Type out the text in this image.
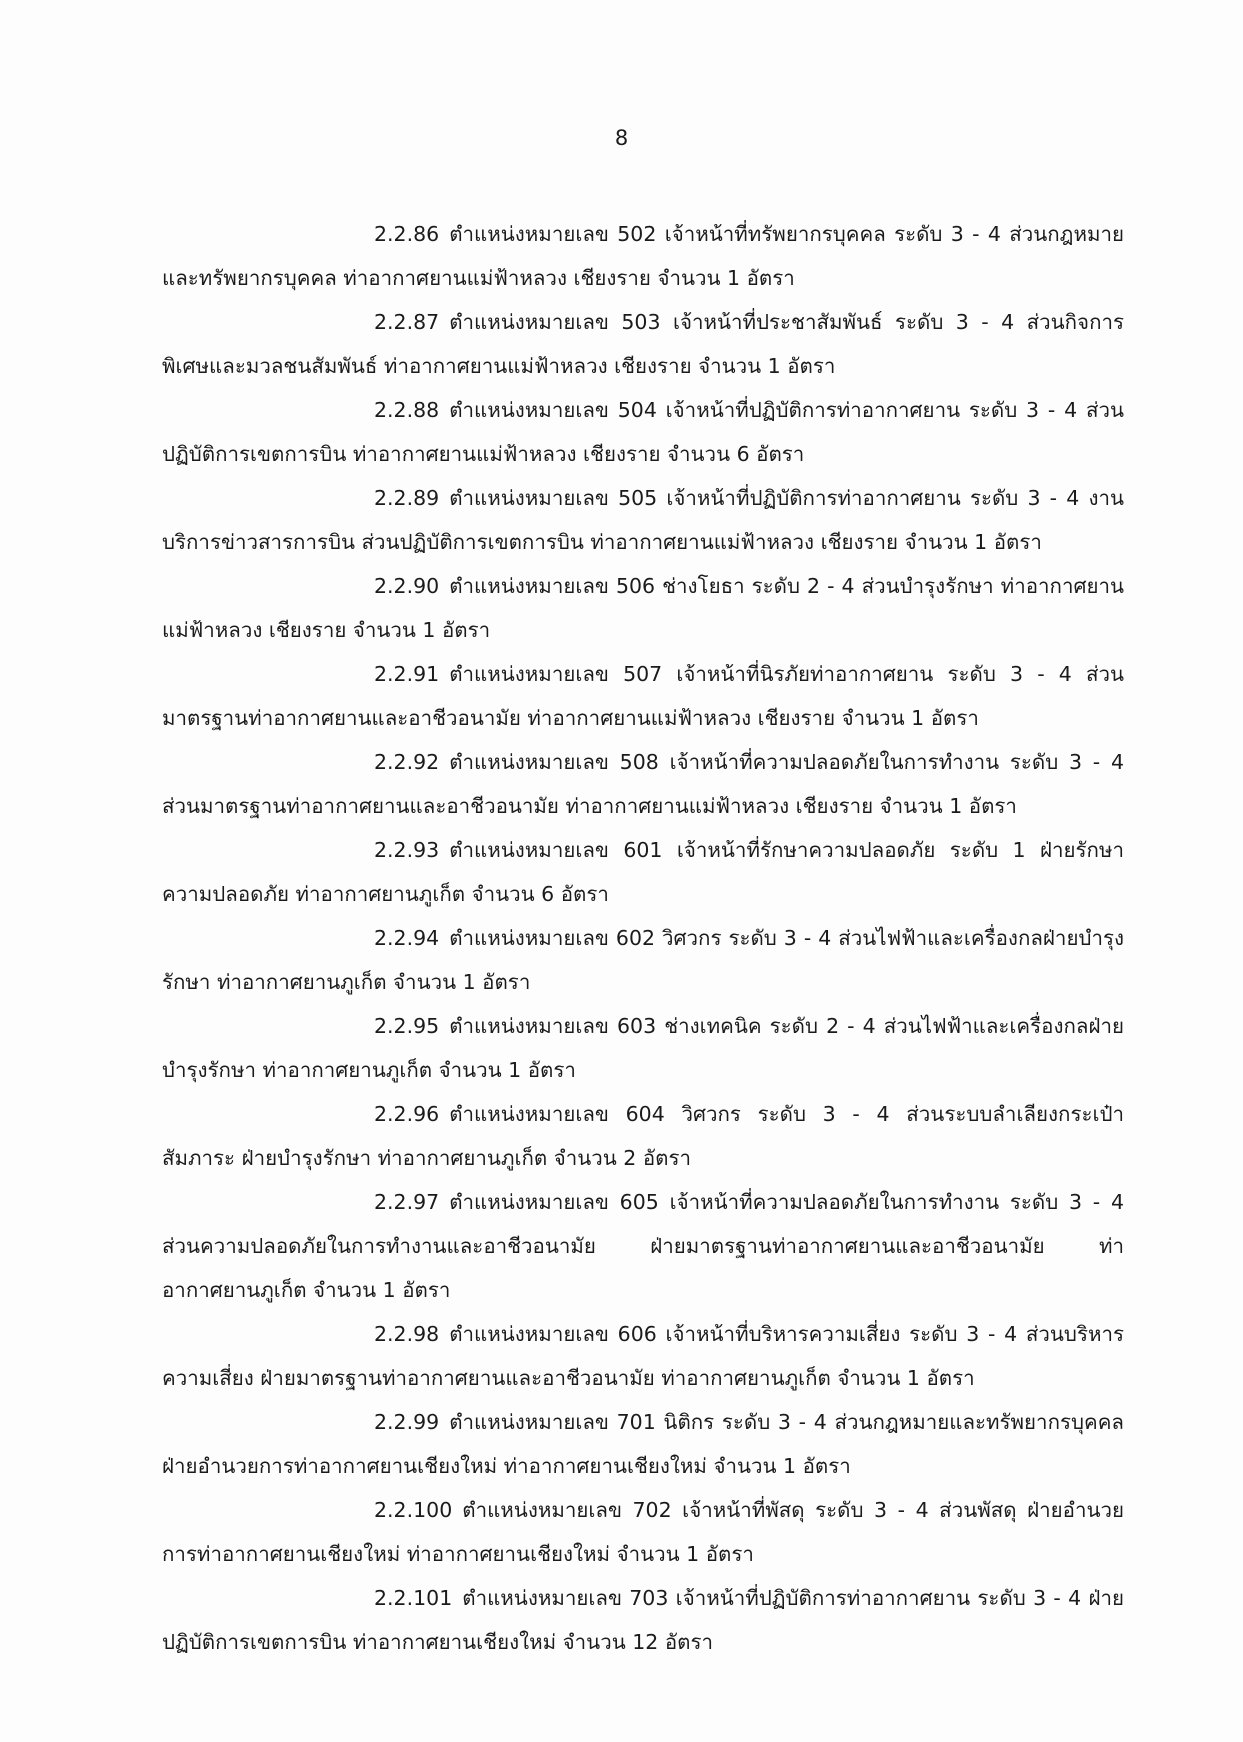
8

2.2.86 ตำแหน่งหมายเลข 502 เจ้าหน้าที่ทรัพยากรบุคคล ระดับ 3 - 4 ส่วนกฎหมายและทรัพยากรบุคคล ท่าอากาศยานแม่ฟ้าหลวง เชียงราย จำนวน 1 อัตรา

2.2.87 ตำแหน่งหมายเลข 503 เจ้าหน้าที่ประชาสัมพันธ์ ระดับ 3 - 4 ส่วนกิจการพิเศษและมวลชนสัมพันธ์ ท่าอากาศยานแม่ฟ้าหลวง เชียงราย จำนวน 1 อัตรา

2.2.88 ตำแหน่งหมายเลข 504 เจ้าหน้าที่ปฏิบัติการท่าอากาศยาน ระดับ 3 - 4 ส่วนปฏิบัติการเขตการบิน ท่าอากาศยานแม่ฟ้าหลวง เชียงราย จำนวน 6 อัตรา

2.2.89 ตำแหน่งหมายเลข 505 เจ้าหน้าที่ปฏิบัติการท่าอากาศยาน ระดับ 3 - 4 งานบริการข่าวสารการบิน ส่วนปฏิบัติการเขตการบิน ท่าอากาศยานแม่ฟ้าหลวง เชียงราย จำนวน 1 อัตรา

2.2.90 ตำแหน่งหมายเลข 506 ช่างโยธา ระดับ 2 - 4 ส่วนบำรุงรักษา ท่าอากาศยานแม่ฟ้าหลวง เชียงราย จำนวน 1 อัตรา

2.2.91 ตำแหน่งหมายเลข 507 เจ้าหน้าที่นิรภัยท่าอากาศยาน ระดับ 3 - 4 ส่วนมาตรฐานท่าอากาศยานและอาชีวอนามัย ท่าอากาศยานแม่ฟ้าหลวง เชียงราย จำนวน 1 อัตรา

2.2.92 ตำแหน่งหมายเลข 508 เจ้าหน้าที่ความปลอดภัยในการทำงาน ระดับ 3 - 4 ส่วนมาตรฐานท่าอากาศยานและอาชีวอนามัย ท่าอากาศยานแม่ฟ้าหลวง เชียงราย จำนวน 1 อัตรา

2.2.93 ตำแหน่งหมายเลข 601 เจ้าหน้าที่รักษาความปลอดภัย ระดับ 1 ฝ่ายรักษาความปลอดภัย ท่าอากาศยานภูเก็ต จำนวน 6 อัตรา

2.2.94 ตำแหน่งหมายเลข 602 วิศวกร ระดับ 3 - 4 ส่วนไฟฟ้าและเครื่องกลฝ่ายบำรุงรักษา ท่าอากาศยานภูเก็ต จำนวน 1 อัตรา

2.2.95 ตำแหน่งหมายเลข 603 ช่างเทคนิค ระดับ 2 - 4 ส่วนไฟฟ้าและเครื่องกลฝ่ายบำรุงรักษา ท่าอากาศยานภูเก็ต จำนวน 1 อัตรา

2.2.96 ตำแหน่งหมายเลข 604 วิศวกร ระดับ 3 - 4 ส่วนระบบลำเลียงกระเป๋าสัมภาระ ฝ่ายบำรุงรักษา ท่าอากาศยานภูเก็ต จำนวน 2 อัตรา

2.2.97 ตำแหน่งหมายเลข 605 เจ้าหน้าที่ความปลอดภัยในการทำงาน ระดับ 3 - 4 ส่วนความปลอดภัยในการทำงานและอาชีวอนามัย ฝ่ายมาตรฐานท่าอากาศยานและอาชีวอนามัย ท่าอากาศยานภูเก็ต จำนวน 1 อัตรา

2.2.98 ตำแหน่งหมายเลข 606 เจ้าหน้าที่บริหารความเสี่ยง ระดับ 3 - 4 ส่วนบริหารความเสี่ยง ฝ่ายมาตรฐานท่าอากาศยานและอาชีวอนามัย ท่าอากาศยานภูเก็ต จำนวน 1 อัตรา

2.2.99 ตำแหน่งหมายเลข 701 นิติกร ระดับ 3 - 4 ส่วนกฎหมายและทรัพยากรบุคคล ฝ่ายอำนวยการท่าอากาศยานเชียงใหม่ ท่าอากาศยานเชียงใหม่ จำนวน 1 อัตรา

2.2.100 ตำแหน่งหมายเลข 702 เจ้าหน้าที่พัสดุ ระดับ 3 - 4 ส่วนพัสดุ ฝ่ายอำนวยการท่าอากาศยานเชียงใหม่ ท่าอากาศยานเชียงใหม่ จำนวน 1 อัตรา

2.2.101 ตำแหน่งหมายเลข 703 เจ้าหน้าที่ปฏิบัติการท่าอากาศยาน ระดับ 3 - 4 ฝ่ายปฏิบัติการเขตการบิน ท่าอากาศยานเชียงใหม่ จำนวน 12 อัตรา
